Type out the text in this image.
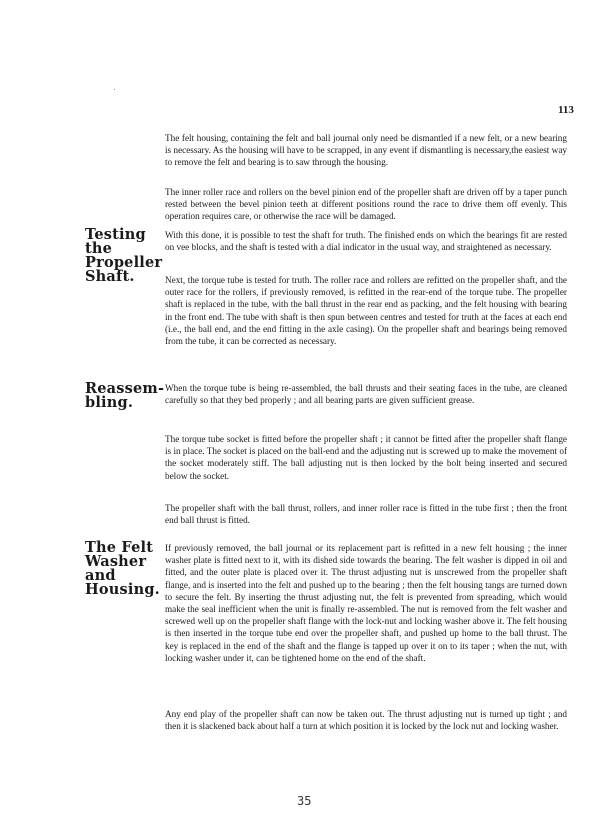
113

The felt housing, containing the felt and ball journal only need be dismantled if a new felt, or a new bearing is necessary. As the housing will have to be scrapped, in any event if dismantling is necessary,the easiest way to remove the felt and bearing is to saw through the housing.

The inner roller race and rollers on the bevel pinion end of the propeller shaft are driven off by a taper punch rested between the bevel pinion teeth at different positions round the race to drive them off evenly. This operation requires care, or otherwise the race will be damaged.

Testing
the
Propeller
Shaft.

With this done, it is possible to test the shaft for truth. The finished ends on which the bearings fit are rested on vee blocks, and the shaft is tested with a dial indicator in the usual way, and straightened as necessary.

Next, the torque tube is tested for truth. The roller race and rollers are refitted on the propeller shaft, and the outer race for the rollers, if previously removed, is refitted in the rear-end of the torque tube. The propeller shaft is replaced in the tube, with the ball thrust in the rear end as packing, and the felt housing with bearing in the front end. The tube with shaft is then spun between centres and tested for truth at the faces at each end (i.e., the ball end, and the end fitting in the axle casing). On the propeller shaft and bearings being removed from the tube, it can be corrected as necessary.

Reassem-
bling.

When the torque tube is being re-assembled, the ball thrusts and their seating faces in the tube, are cleaned carefully so that they bed properly ; and all bearing parts are given sufficient grease.

The torque tube socket is fitted before the propeller shaft ; it cannot be fitted after the propeller shaft flange is in place. The socket is placed on the ball-end and the adjusting nut is screwed up to make the movement of the socket moderately stiff. The ball adjusting nut is then locked by the bolt being inserted and secured below the socket.

The propeller shaft with the ball thrust, rollers, and inner roller race is fitted in the tube first ; then the front end ball thrust is fitted.

The Felt
Washer
and
Housing.

If previously removed, the ball journal or its replacement part is refitted in a new felt housing ; the inner washer plate is fitted next to it, with its dished side towards the bearing. The felt washer is dipped in oil and fitted, and the outer plate is placed over it. The thrust adjusting nut is unscrewed from the propeller shaft flange, and is inserted into the felt and pushed up to the bearing ; then the felt housing tangs are turned down to secure the felt. By inserting the thrust adjusting nut, the felt is prevented from spreading, which would make the seal inefficient when the unit is finally re-assembled. The nut is removed from the felt washer and screwed well up on the propeller shaft flange with the lock-nut and locking washer above it. The felt housing is then inserted in the torque tube end over the propeller shaft, and pushed up home to the ball thrust. The key is replaced in the end of the shaft and the flange is tapped up over it on to its taper ; when the nut, with locking washer under it, can be tightened home on the end of the shaft.

Any end play of the propeller shaft can now be taken out. The thrust adjusting nut is turned up tight ; and then it is slackened back about half a turn at which position it is locked by the lock nut and locking washer.

35
